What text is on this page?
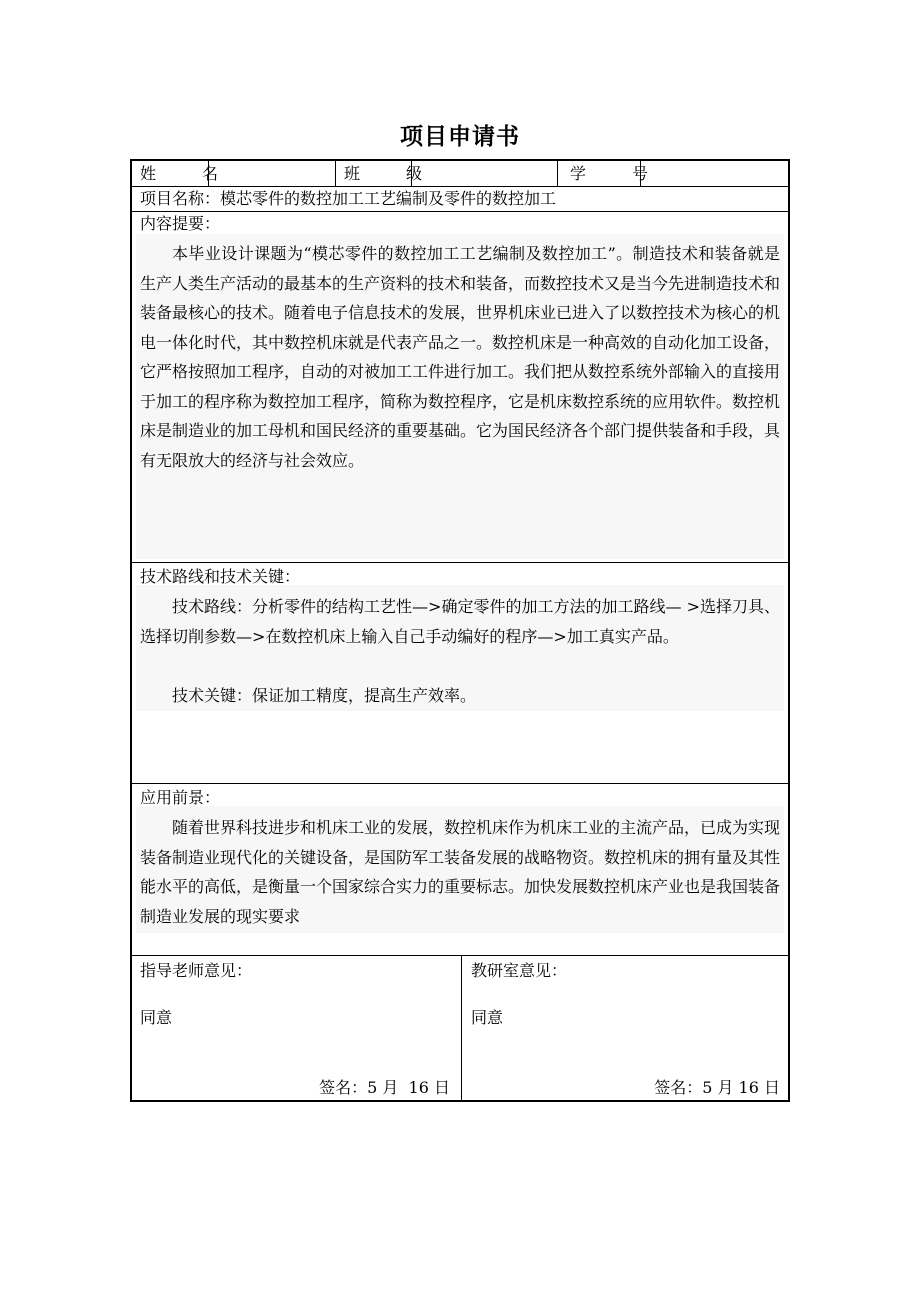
项目申请书
姓　名	班　级	学　号
项目名称：模芯零件的数控加工工艺编制及零件的数控加工
内容提要：
本毕业设计课题为“模芯零件的数控加工工艺编制及数控加工”。制造技术和装备就是生产人类生产活动的最基本的生产资料的技术和装备，而数控技术又是当今先进制造技术和装备最核心的技术。随着电子信息技术的发展，世界机床业已进入了以数控技术为核心的机电一体化时代，其中数控机床就是代表产品之一。数控机床是一种高效的自动化加工设备，它严格按照加工程序，自动的对被加工工件进行加工。我们把从数控系统外部输入的直接用于加工的程序称为数控加工程序，简称为数控程序，它是机床数控系统的应用软件。数控机床是制造业的加工母机和国民经济的重要基础。它为国民经济各个部门提供装备和手段，具有无限放大的经济与社会效应。
技术路线和技术关键：
技术路线：分析零件的结构工艺性—>确定零件的加工方法的加工路线— >选择刀具、选择切削参数—>在数控机床上输入自己手动编好的程序—>加工真实产品。
技术关键：保证加工精度，提高生产效率。
应用前景：
随着世界科技进步和机床工业的发展，数控机床作为机床工业的主流产品，已成为实现装备制造业现代化的关键设备，是国防军工装备发展的战略物资。数控机床的拥有量及其性能水平的高低，是衡量一个国家综合实力的重要标志。加快发展数控机床产业也是我国装备制造业发展的现实要求
指导老师意见：
同意
签名：5 月  16 日
教研室意见：
同意
签名：5 月 16 日
